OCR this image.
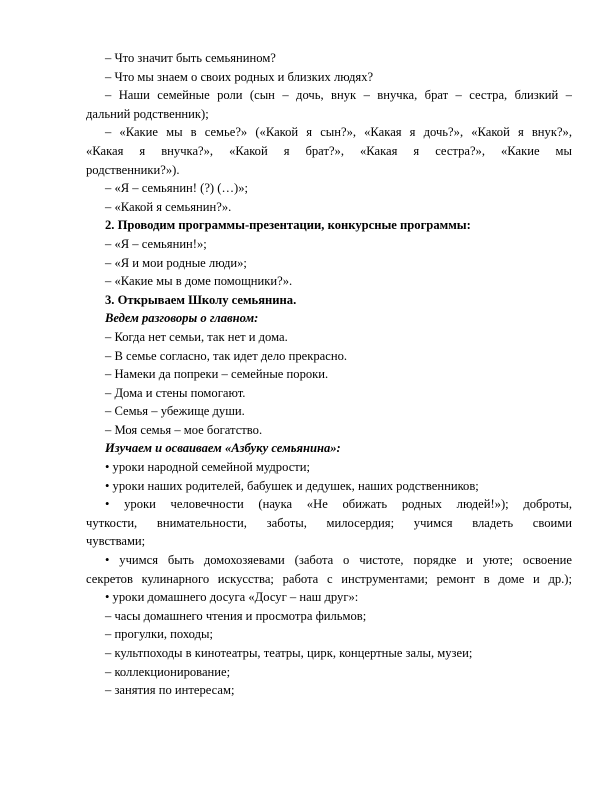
– Что значит быть семьянином?
– Что мы знаем о своих родных и близких людях?
– Наши семейные роли (сын – дочь, внук – внучка, брат – сестра, близкий –
дальний родственник);
– «Какие мы в семье?» («Какой я сын?», «Какая я дочь?», «Какой я внук?»,
«Какая я внучка?», «Какой я брат?», «Какая я сестра?», «Какие мы
родственники?»).
– «Я – семьянин! (?) (…)»;
– «Какой я семьянин?».
2. Проводим программы-презентации, конкурсные программы:
– «Я – семьянин!»;
– «Я и мои родные люди»;
– «Какие мы в доме помощники?».
3. Открываем Школу семьянина.
Ведем разговоры о главном:
– Когда нет семьи, так нет и дома.
– В семье согласно, так идет дело прекрасно.
– Намеки да попреки – семейные пороки.
– Дома и стены помогают.
– Семья – убежище души.
– Моя семья – мое богатство.
Изучаем и осваиваем «Азбуку семьянина»:
• уроки народной семейной мудрости;
• уроки наших родителей, бабушек и дедушек, наших родственников;
• уроки человечности (наука «Не обижать родных людей!»); доброты,
чуткости, внимательности, заботы, милосердия; учимся владеть своими
чувствами;
• учимся быть домохозяевами (забота о чистоте, порядке и уюте; освоение
секретов кулинарного искусства; работа с инструментами; ремонт в доме и др.);
• уроки домашнего досуга «Досуг – наш друг»:
– часы домашнего чтения и просмотра фильмов;
– прогулки, походы;
– культпоходы в кинотеатры, театры, цирк, концертные залы, музеи;
– коллекционирование;
– занятия по интересам;
